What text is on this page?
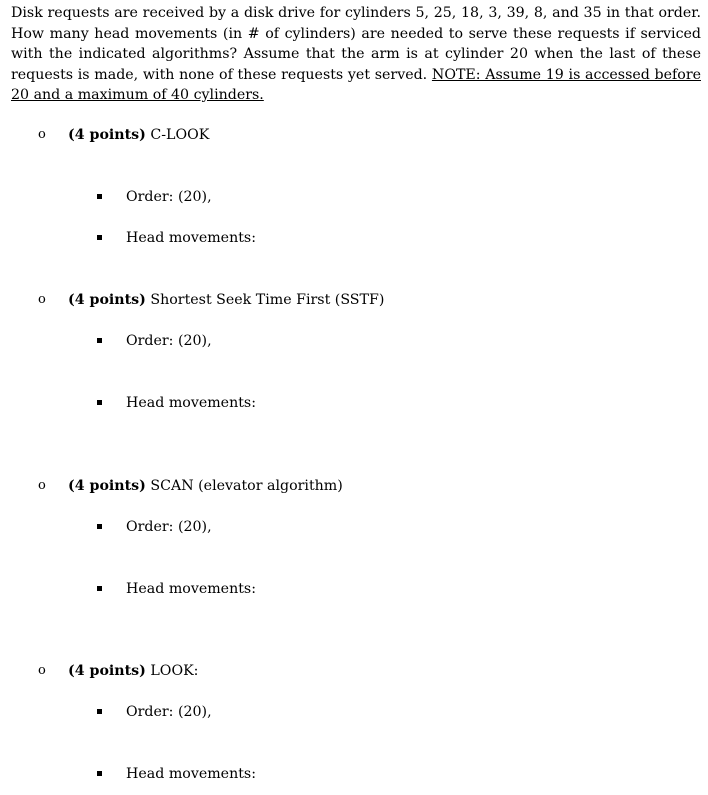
Disk requests are received by a disk drive for cylinders 5, 25, 18, 3, 39, 8, and 35 in that order. How many head movements (in # of cylinders) are needed to serve these requests if serviced with the indicated algorithms? Assume that the arm is at cylinder 20 when the last of these requests is made, with none of these requests yet served. NOTE: Assume 19 is accessed before 20 and a maximum of 40 cylinders.

o (4 points) C-LOOK
Order: (20),
Head movements:
o (4 points) Shortest Seek Time First (SSTF)
Order: (20),
Head movements:
o (4 points) SCAN (elevator algorithm)
Order: (20),
Head movements:
o (4 points) LOOK:
Order: (20),
Head movements:
